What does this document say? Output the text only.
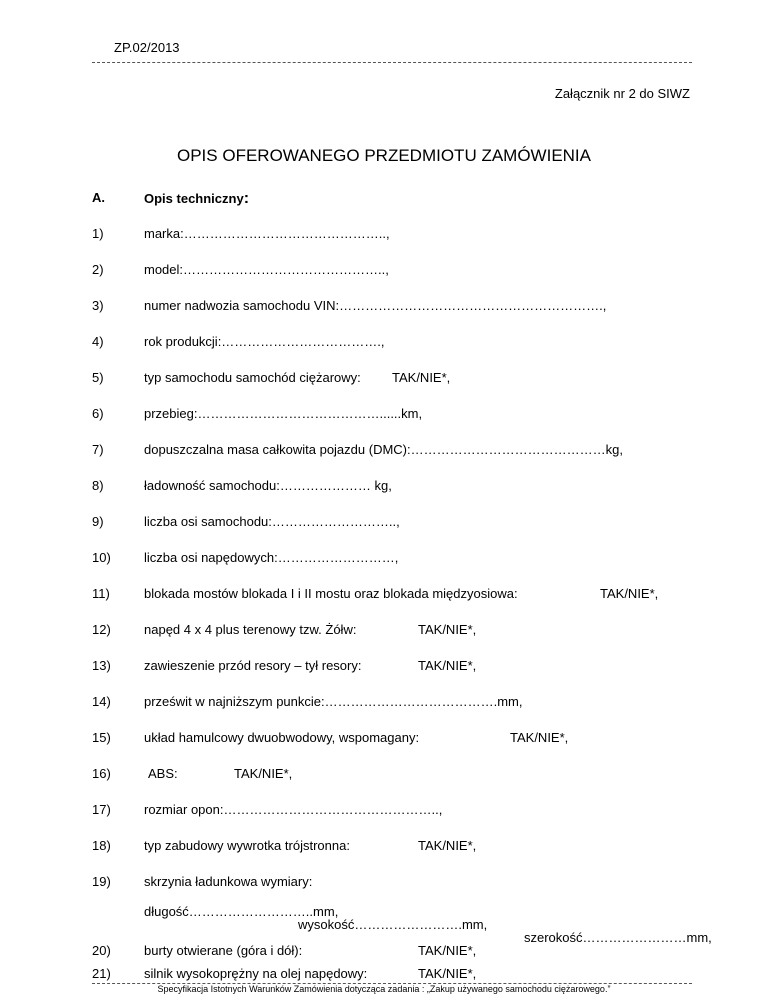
ZP.02/2013
Załącznik nr 2 do SIWZ
OPIS OFEROWANEGO PRZEDMIOTU ZAMÓWIENIA
A.	Opis techniczny:
1)	marka:………………………………………..,
2)	model:………………………………………..,
3)	numer nadwozia samochodu VIN:…………………………………………………….,
4)	rok produkcji:……………………………….,
5)	typ samochodu samochód ciężarowy: TAK/NIE*,
6)	przebieg:……………………………………......km,
7)	dopuszczalna masa całkowita pojazdu (DMC):………………………………………kg,
8)	ładowność samochodu:………………… kg,
9)	liczba osi samochodu:………………………..,
10)	liczba osi napędowych:………………………,
11)	blokada mostów blokada I i II mostu oraz blokada międzyosiowa:	TAK/NIE*,
12)	napęd 4 x 4 plus terenowy tzw. Żółw:	TAK/NIE*,
13)	zawieszenie przód resory – tył resory:	TAK/NIE*,
14)	prześwit w najniższym punkcie:………………………………….mm,
15)	układ hamulcowy dwuobwodowy, wspomagany:	TAK/NIE*,
16)	ABS:	TAK/NIE*,
17)	rozmiar opon:…………………………………………..,
18)	typ zabudowy wywrotka trójstronna:	TAK/NIE*,
19)	skrzynia ładunkowa wymiary:
długość………………………..mm,
wysokość…………………….mm,
szerokość……………………mm,
20)	burty otwierane (góra i dół):	TAK/NIE*,
21)	silnik wysokoprężny na olej napędowy:	TAK/NIE*,
Specyfikacja Istotnych Warunków Zamówienia dotycząca zadania : „Zakup używanego samochodu ciężarowego.”
